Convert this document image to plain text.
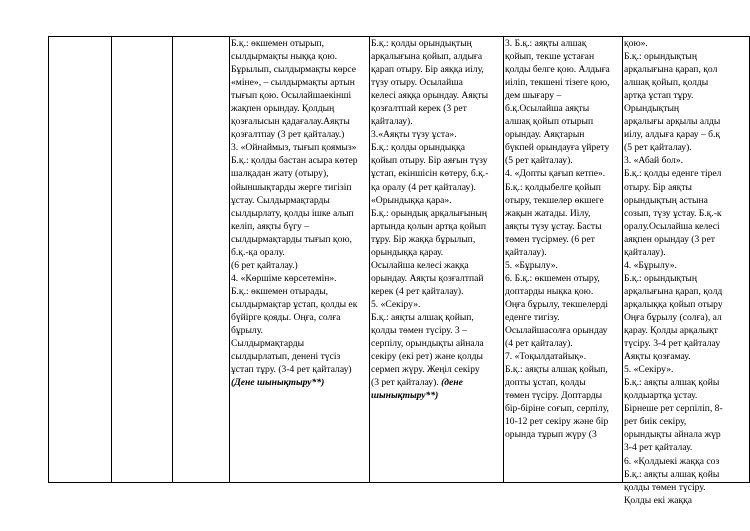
Б.қ.: өкшемен отырып,
сылдырмақты ныққа қою.
Бұрылып, сылдырмақты көрсе
«міне», – сылдырмақты артын
тығып қою. Осылайшаекінші
жақпен орындау. Қолдың
қозғалысын қадағалау.Аяқты
қозғалтпау (3 рет қайталау.)
3. «Ойнаймыз, тығып қоямыз»
Б.қ.: қолды бастан асыра көтер
шалқадан жату (отыру),
ойыншықтарды жерге тигізіп
ұстау. Сылдырмақтарды
сылдырлату, қолды ішке алып
келіп, аяқты бүгу –
сылдырмақтарды тығып қою,
б.қ.-қа оралу.
(6 рет қайталау.)
4. «Көршіме көрсетемін».
Б.қ.: өкшемен отырады,
сылдырмақтар ұстап, қолды ек
бүйірге қояды. Оңға, солға
бұрылу.
Сылдырмақтарды
сылдырлатып, денені түсіз
ұстап тұру. (3-4 рет қайталау)
(Дене шынықтыру**)
Б.қ.: қолды орындықтың
арқалығына қойып, алдыға
қарап отыру. Бір аяққа иілу,
түзу отыру. Осылайша
келесі аяққа орындау. Аяқты
қозғалтпай керек (3 рет
қайталау).
3.«Аяқты түзу ұста».
Б.қ.: қолды орындыққа
қойып отыру. Бір аяғын түзу
ұстап, екіншісін көтеру, б.қ.-
қа оралу (4 рет қайталау).
«Орындыққа қара».
Б.қ.: орындық арқалығының
артында қолын артқа қойып
тұру. Бір жаққа бұрылып,
орындыққа қарау.
Осылайша келесі жаққа
орындау. Аяқты қозғалтпай
керек (4 рет қайталау).
5. «Секіру».
Б.қ.: аяқты алшақ қойып,
қолды төмен түсіру. 3 –
серпілу, орындықты айнала
секіру (екі рет) және қолды
сермеп жүру. Жеңіл секіру
(3 рет қайталау). (дене
шынықтыру**)
3. Б.қ.: аяқты алшақ
қойып, текше ұстаған
қолды белге қою. Алдыға
иіліп, текшені тізеге қою,
дем шығару –
б.қ.Осылайша аяқты
алшақ қойып отырып
орындау. Аяқтарын
бүкпей орындауға үйрету
(5 рет қайталау).
4. «Допты қағып кетпе».
Б.қ.: қолдыбелге қойып
отыру, текшелер өкшеге
жақын жатады. Иілу,
аяқты түзу ұстау. Басты
төмен түсірмеу. (6 рет
қайталау).
5. «Бұрылу».
6. Б.қ.: өкшемен отыру,
доптарды нықка қою.
Оңға бұрылу, текшелерді
еденге тигізу.
Осылайшасолға орындау
(4 рет қайталау).
7. «Тоқылдатайық».
Б.қ.: аяқты алшақ қойып,
допты ұстап, қолды
төмен түсіру. Доптарды
бір-біріне соғып, серпілу,
10-12 рет секіру және бір
орында тұрып жүру (3
қою».
Б.қ.: орындықтың
арқалығына қарап, қол
алшақ қойып, қолды
артқа ұстап тұру.
Орындықтың
арқалығы арқылы алды
иілу, алдыға қарау – б.қ
(5 рет қайталау).
3. «Абай бол».
Б.қ.: қолды еденге тірел
отыру. Бір аяқты
орындықтың астына
созып, түзу ұстау. Б.қ.-к
оралу.Осылайша келесі
аяқпен орындау (3 рет
қайталау).
4. «Бұрылу».
Б.қ.: орындықтың
арқалығына қарап, қолд
арқалыққа қойып отыру
Оңға бұрылу (солға), ал
қарау. Қолды арқалықт
түсіру. 3-4 рет қайталау
Аяқты қозғамау.
5. «Секіру».
Б.қ.: аяқты алшақ қойы
қолдыартқа ұстау.
Бірнеше рет серпіліп, 8-
рет биік секіру,
орындықты айнала жүр
3-4 рет қайталау.
6. «Қолдыекі жаққа соз
Б.қ.: аяқты алшақ қойы
қолды төмен түсіру.
Қолды екі жаққа
